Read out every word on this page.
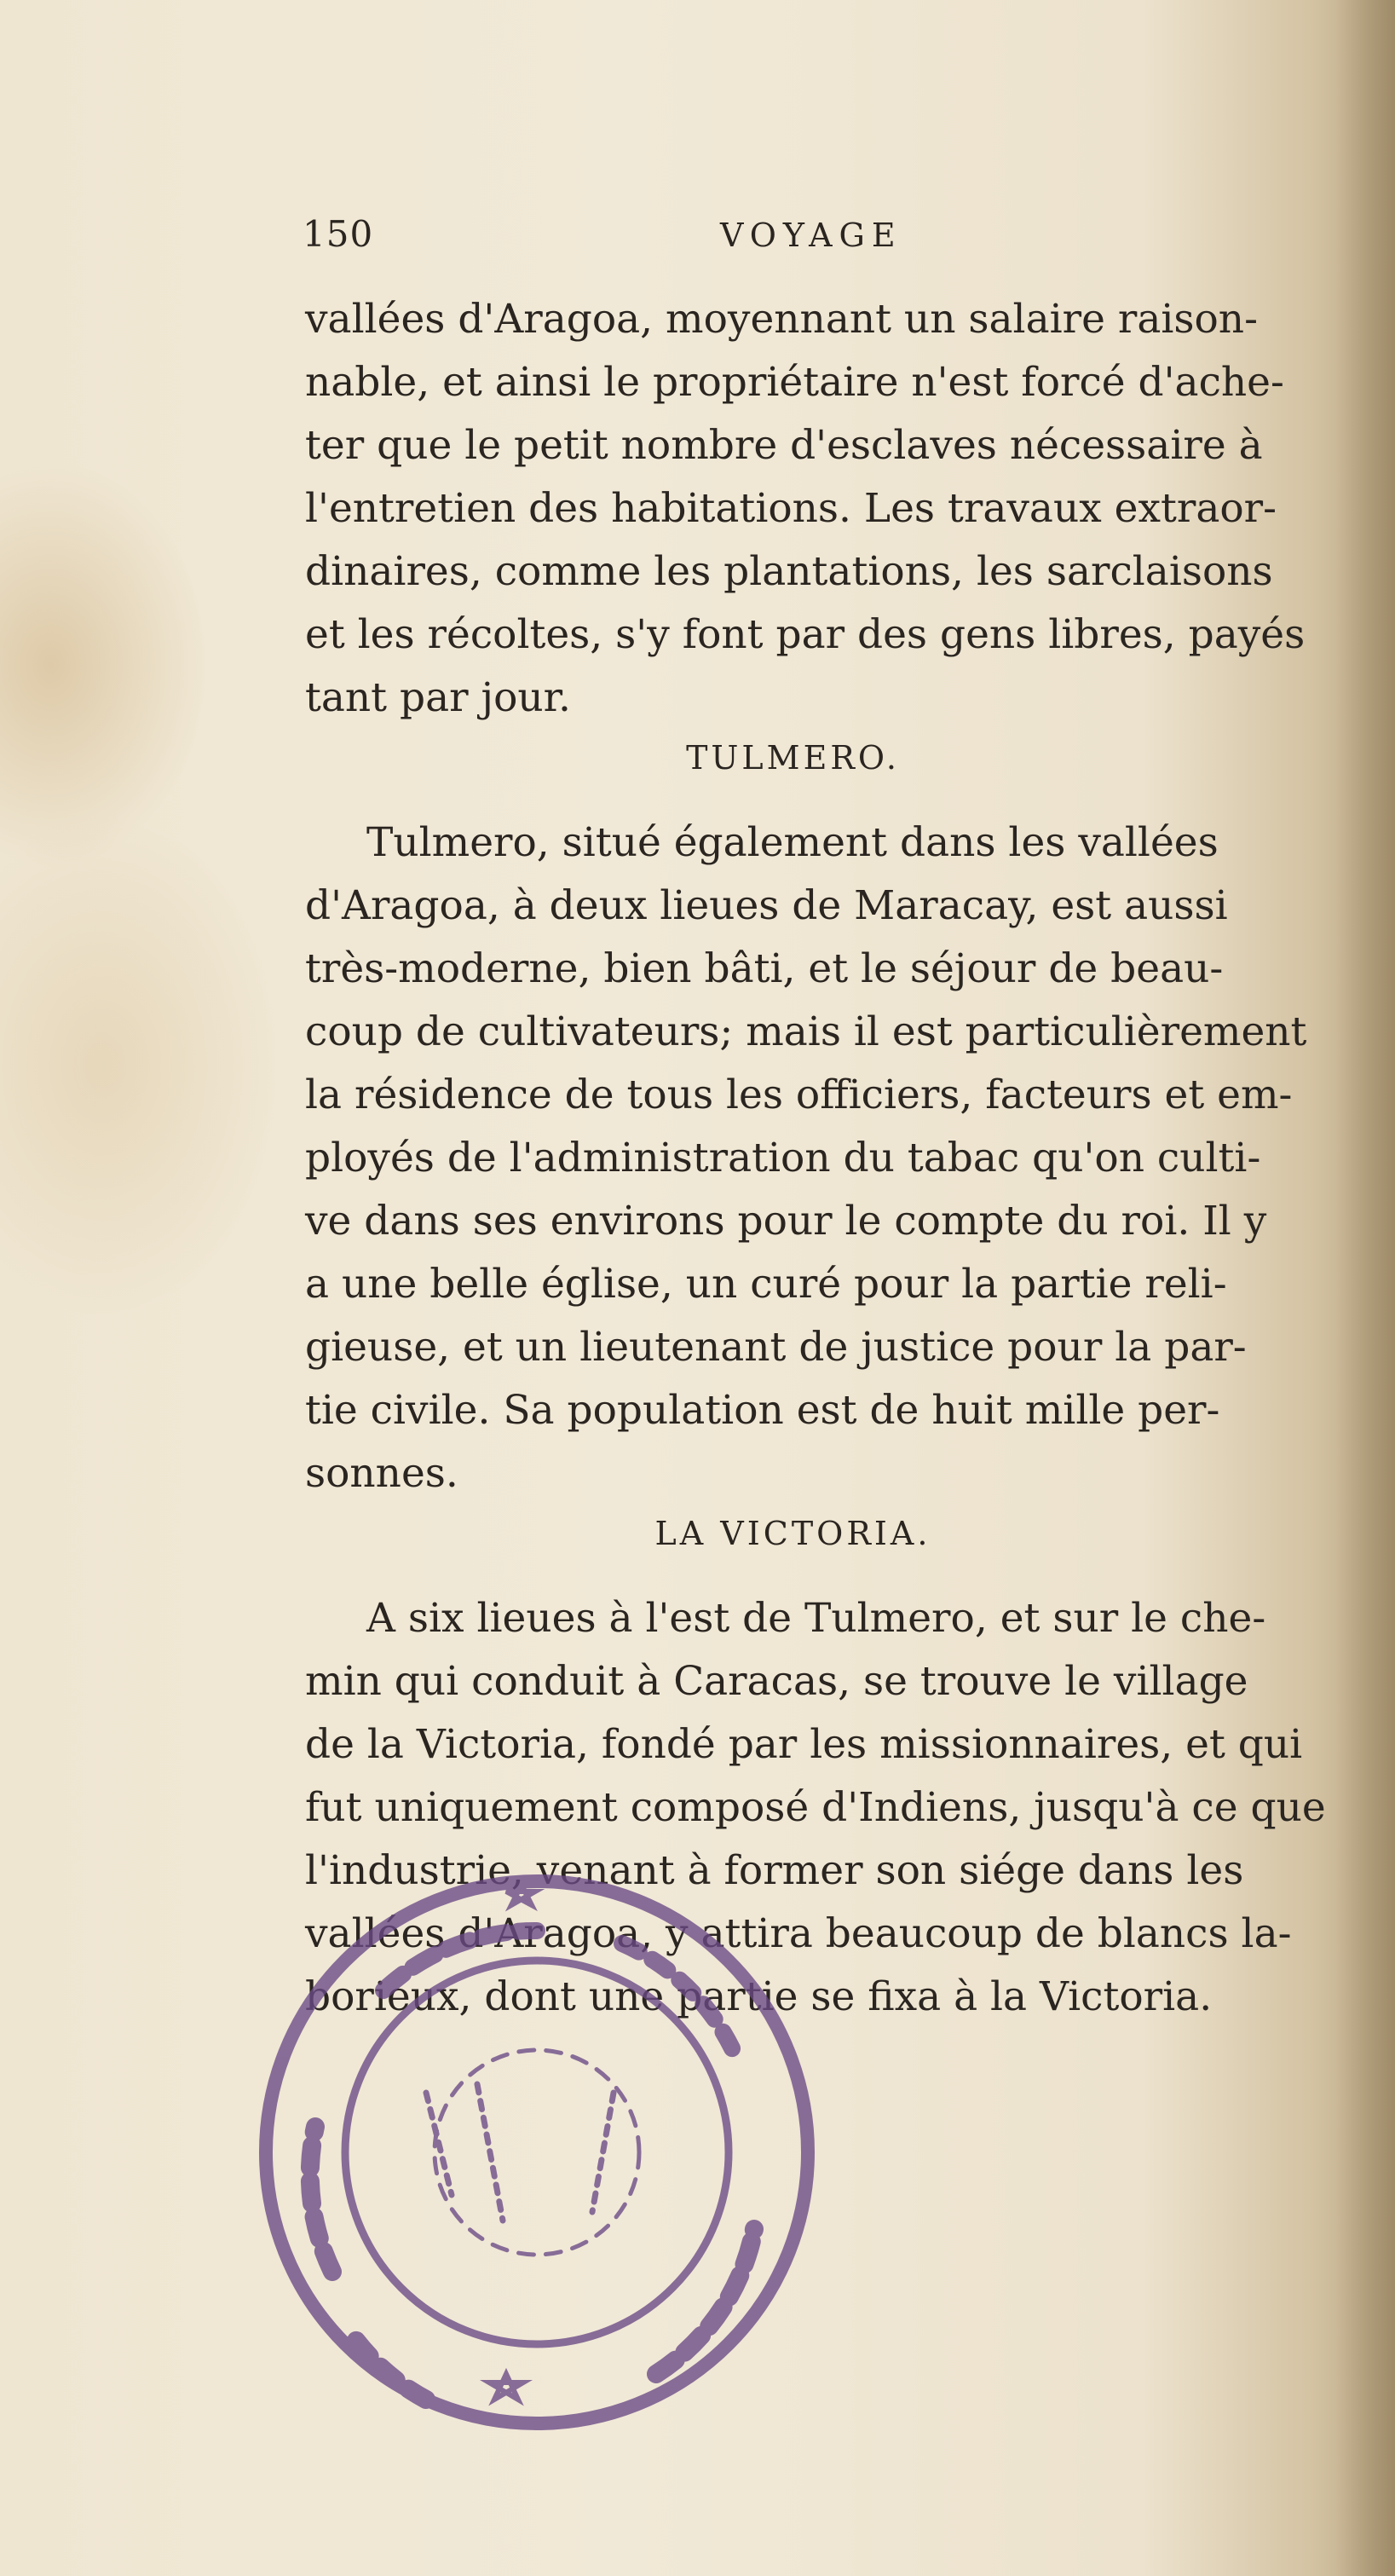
150	VOYAGE
vallées d'Aragoa, moyennant un salaire raison-
nable, et ainsi le propriétaire n'est forcé d'ache-
ter que le petit nombre d'esclaves nécessaire à
l'entretien des habitations. Les travaux extraor-
dinaires, comme les plantations, les sarclaisons
et les récoltes, s'y font par des gens libres, payés
tant par jour.
TULMERO.
Tulmero, situé également dans les vallées
d'Aragoa, à deux lieues de Maracay, est aussi
très-moderne, bien bâti, et le séjour de beau-
coup de cultivateurs; mais il est particulièrement
la résidence de tous les officiers, facteurs et em-
ployés de l'administration du tabac qu'on culti-
ve dans ses environs pour le compte du roi. Il y
a une belle église, un curé pour la partie reli-
gieuse, et un lieutenant de justice pour la par-
tie civile. Sa population est de huit mille per-
sonnes.
LA VICTORIA.
A six lieues à l'est de Tulmero, et sur le che-
min qui conduit à Caracas, se trouve le village
de la Victoria, fondé par les missionnaires, et qui
fut uniquement composé d'Indiens, jusqu'à ce que
l'industrie, venant à former son siége dans les
vallées d'Aragoa, y attira beaucoup de blancs la-
borieux, dont une partie se fixa à la Victoria.
